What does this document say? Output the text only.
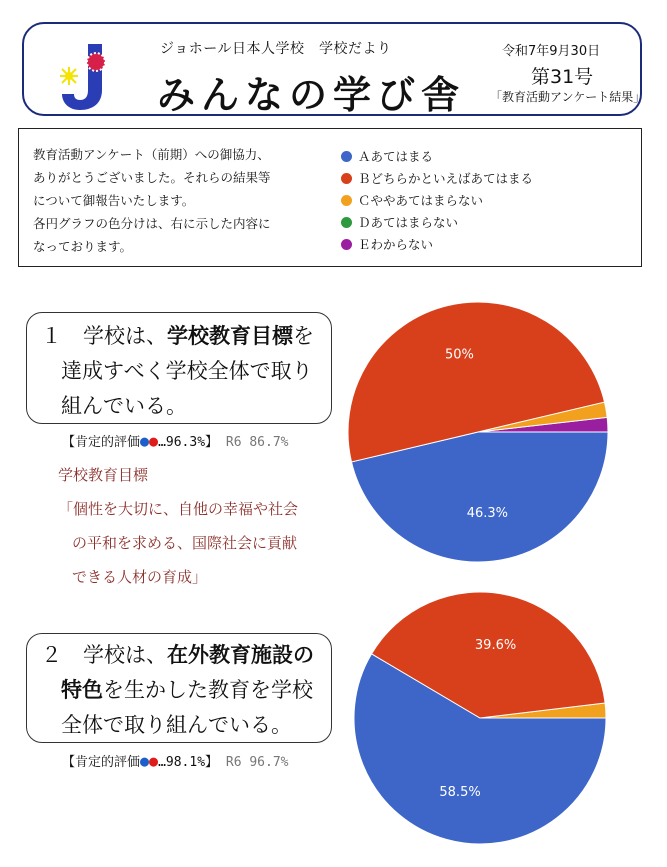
ジョホール日本人学校　学校だより
みんなの学び舎
令和7年9月30日
第31号
「教育活動アンケート結果」
教育活動アンケート（前期）への御協力、
ありがとうございました。それらの結果等
について御報告いたします。
各円グラフの色分けは、右に示した内容に
なっております。
Ａあてはまる
Ｂどちらかといえばあてはまる
Ｃややあてはまらない
Ｄあてはまらない
Ｅわからない
１　学校は、学校教育目標を
達成すべく学校全体で取り
組んでいる。
【肯定的評価●●…96.3%】 R6 86.7%
学校教育目標
「個性を大切に、自他の幸福や社会
の平和を求める、国際社会に貢献
できる人材の育成」
46.3%
50%
２　学校は、在外教育施設の
特色を生かした教育を学校
全体で取り組んでいる。
【肯定的評価●●…98.1%】 R6 96.7%
58.5%
39.6%
